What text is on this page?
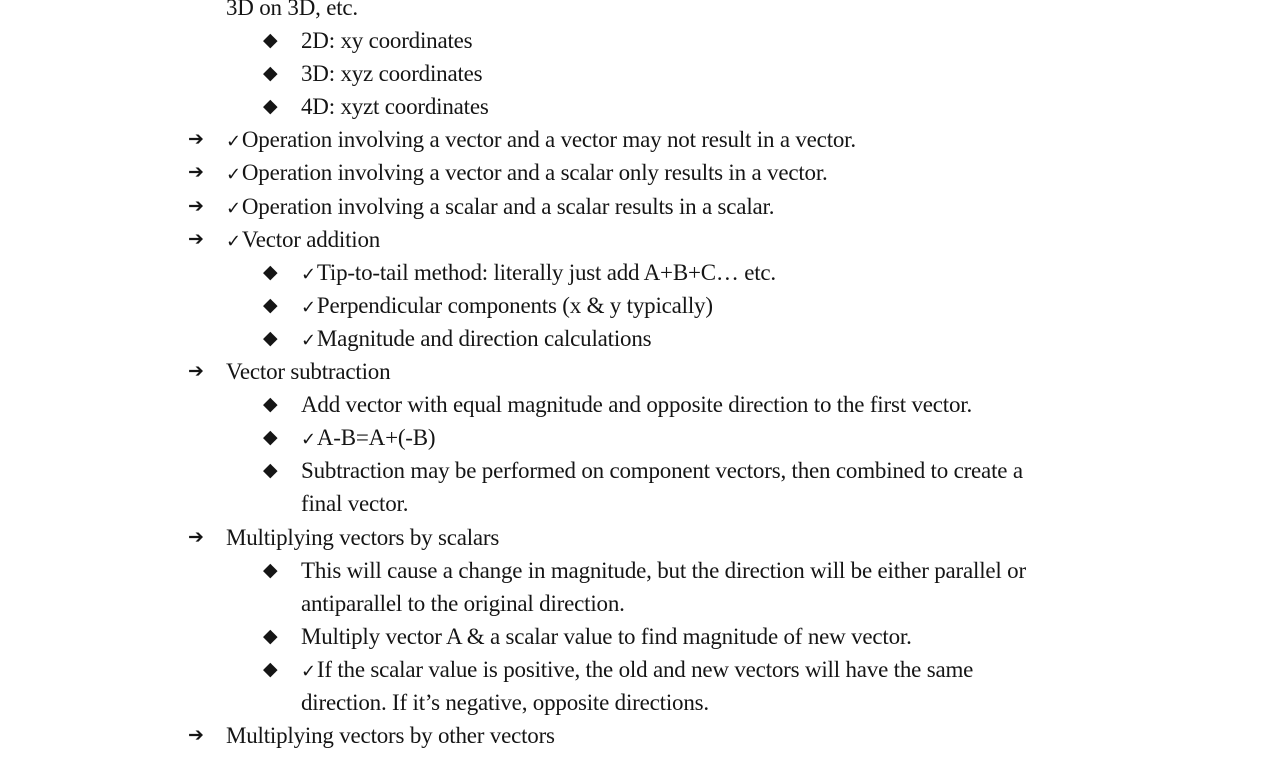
3D on 3D, etc.
◆ 2D: xy coordinates
◆ 3D: xyz coordinates
◆ 4D: xyzt coordinates
➔ ✓Operation involving a vector and a vector may not result in a vector.
➔ ✓Operation involving a vector and a scalar only results in a vector.
➔ ✓Operation involving a scalar and a scalar results in a scalar.
➔ ✓Vector addition
◆ ✓Tip-to-tail method: literally just add A+B+C… etc.
◆ ✓Perpendicular components (x & y typically)
◆ ✓Magnitude and direction calculations
➔ Vector subtraction
◆ Add vector with equal magnitude and opposite direction to the first vector.
◆ ✓A-B=A+(-B)
◆ Subtraction may be performed on component vectors, then combined to create a
final vector.
➔ Multiplying vectors by scalars
◆ This will cause a change in magnitude, but the direction will be either parallel or
antiparallel to the original direction.
◆ Multiply vector A & a scalar value to find magnitude of new vector.
◆ ✓If the scalar value is positive, the old and new vectors will have the same
direction. If it’s negative, opposite directions.
➔ Multiplying vectors by other vectors
